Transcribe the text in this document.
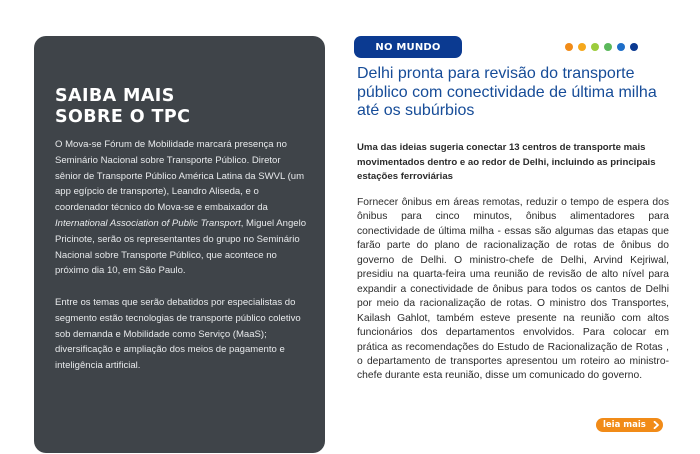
SAIBA MAIS
SOBRE O TPC

O Mova-se Fórum de Mobilidade marcará presença no Seminário Nacional sobre Transporte Público. Diretor sênior de Transporte Público América Latina da SWVL (um app egípcio de transporte), Leandro Aliseda, e o coordenador técnico do Mova-se e embaixador da International Association of Public Transport, Miguel Angelo Pricinote, serão os representantes do grupo no Seminário Nacional sobre Transporte Público, que acontece no próximo dia 10, em São Paulo.

Entre os temas que serão debatidos por especialistas do segmento estão tecnologias de transporte público coletivo sob demanda e Mobilidade como Serviço (MaaS); diversificação e ampliação dos meios de pagamento e inteligência artificial.

NO MUNDO
Delhi pronta para revisão do transporte público com conectividade de última milha até os subúrbios

Uma das ideias sugeria conectar 13 centros de transporte mais movimentados dentro e ao redor de Delhi, incluindo as principais estações ferroviárias

Fornecer ônibus em áreas remotas, reduzir o tempo de espera dos ônibus para cinco minutos, ônibus alimentadores para conectividade de última milha - essas são algumas das etapas que farão parte do plano de racionalização de rotas de ônibus do governo de Delhi. O ministro-chefe de Delhi, Arvind Kejriwal, presidiu na quarta-feira uma reunião de revisão de alto nível para expandir a conectividade de ônibus para todos os cantos de Delhi por meio da racionalização de rotas. O ministro dos Transportes, Kailash Gahlot, também esteve presente na reunião com altos funcionários dos departamentos envolvidos. Para colocar em prática as recomendações do Estudo de Racionalização de Rotas , o departamento de transportes apresentou um roteiro ao ministro-chefe durante esta reunião, disse um comunicado do governo.

leia mais
